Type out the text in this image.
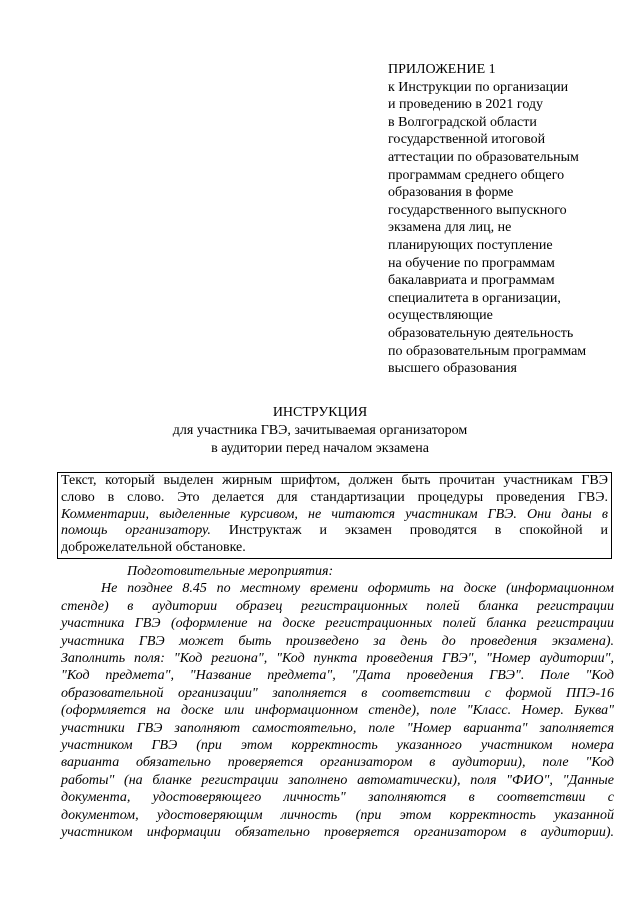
ПРИЛОЖЕНИЕ 1
к Инструкции по организации
и проведению в 2021 году
в Волгоградской области
государственной итоговой
аттестации по образовательным
программам среднего общего
образования в форме
государственного выпускного
экзамена для лиц, не
планирующих поступление
на обучение по программам
бакалавриата и программам
специалитета в организации,
осуществляющие
образовательную деятельность
по образовательным программам
высшего образования
ИНСТРУКЦИЯ
для участника ГВЭ, зачитываемая организатором
в аудитории перед началом экзамена
Текст, который выделен жирным шрифтом, должен быть прочитан участникам ГВЭ
слово в слово. Это делается для стандартизации процедуры проведения ГВЭ.
Комментарии, выделенные курсивом, не читаются участникам ГВЭ. Они даны в
помощь организатору. Инструктаж и экзамен проводятся в спокойной и
доброжелательной обстановке.
Подготовительные мероприятия:
Не позднее 8.45 по местному времени оформить на доске (информационном
стенде) в аудитории образец регистрационных полей бланка регистрации
участника ГВЭ (оформление на доске регистрационных полей бланка регистрации
участника ГВЭ может быть произведено за день до проведения экзамена).
Заполнить поля: "Код региона", "Код пункта проведения ГВЭ", "Номер аудитории",
"Код предмета", "Название предмета", "Дата проведения ГВЭ". Поле "Код
образовательной организации" заполняется в соответствии с формой ППЭ-16
(оформляется на доске или информационном стенде), поле "Класс. Номер. Буква"
участники ГВЭ заполняют самостоятельно, поле "Номер варианта" заполняется
участником ГВЭ (при этом корректность указанного участником номера
варианта обязательно проверяется организатором в аудитории), поле "Код
работы" (на бланке регистрации заполнено автоматически), поля "ФИО", "Данные
документа, удостоверяющего личность" заполняются в соответствии с
документом, удостоверяющим личность (при этом корректность указанной
участником информации обязательно проверяется организатором в аудитории).
